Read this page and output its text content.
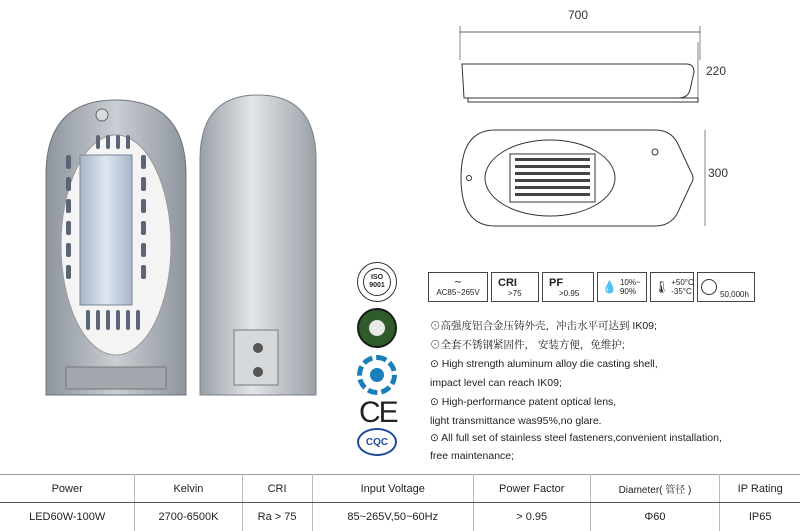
700
220
300
ISO 9001
CE
CQC
∼
AC85~265V
CRI
>75
PF
>0.95 💧 10%~
90%	🌡 +50°C
-35°C	50,000h
⊙高强度铝合金压铸外壳，冲击水平可达到 IK09;
⊙全套不锈钢紧固件， 安装方便，免维护;
⊙ High strength aluminum alloy die casting shell,
impact level can reach IK09;
⊙ High-performance patent optical lens,
light transmittance was95%,no glare.
⊙ All full set of stainless steel fasteners,convenient installation,
free maintenance;
Power	Kelvin	CRI	Input Voltage	Power Factor	Diameter( 管径 )	IP Rating
LED60W-100W	2700-6500K	Ra > 75	85~265V,50~60Hz	> 0.95	Φ60	IP65
